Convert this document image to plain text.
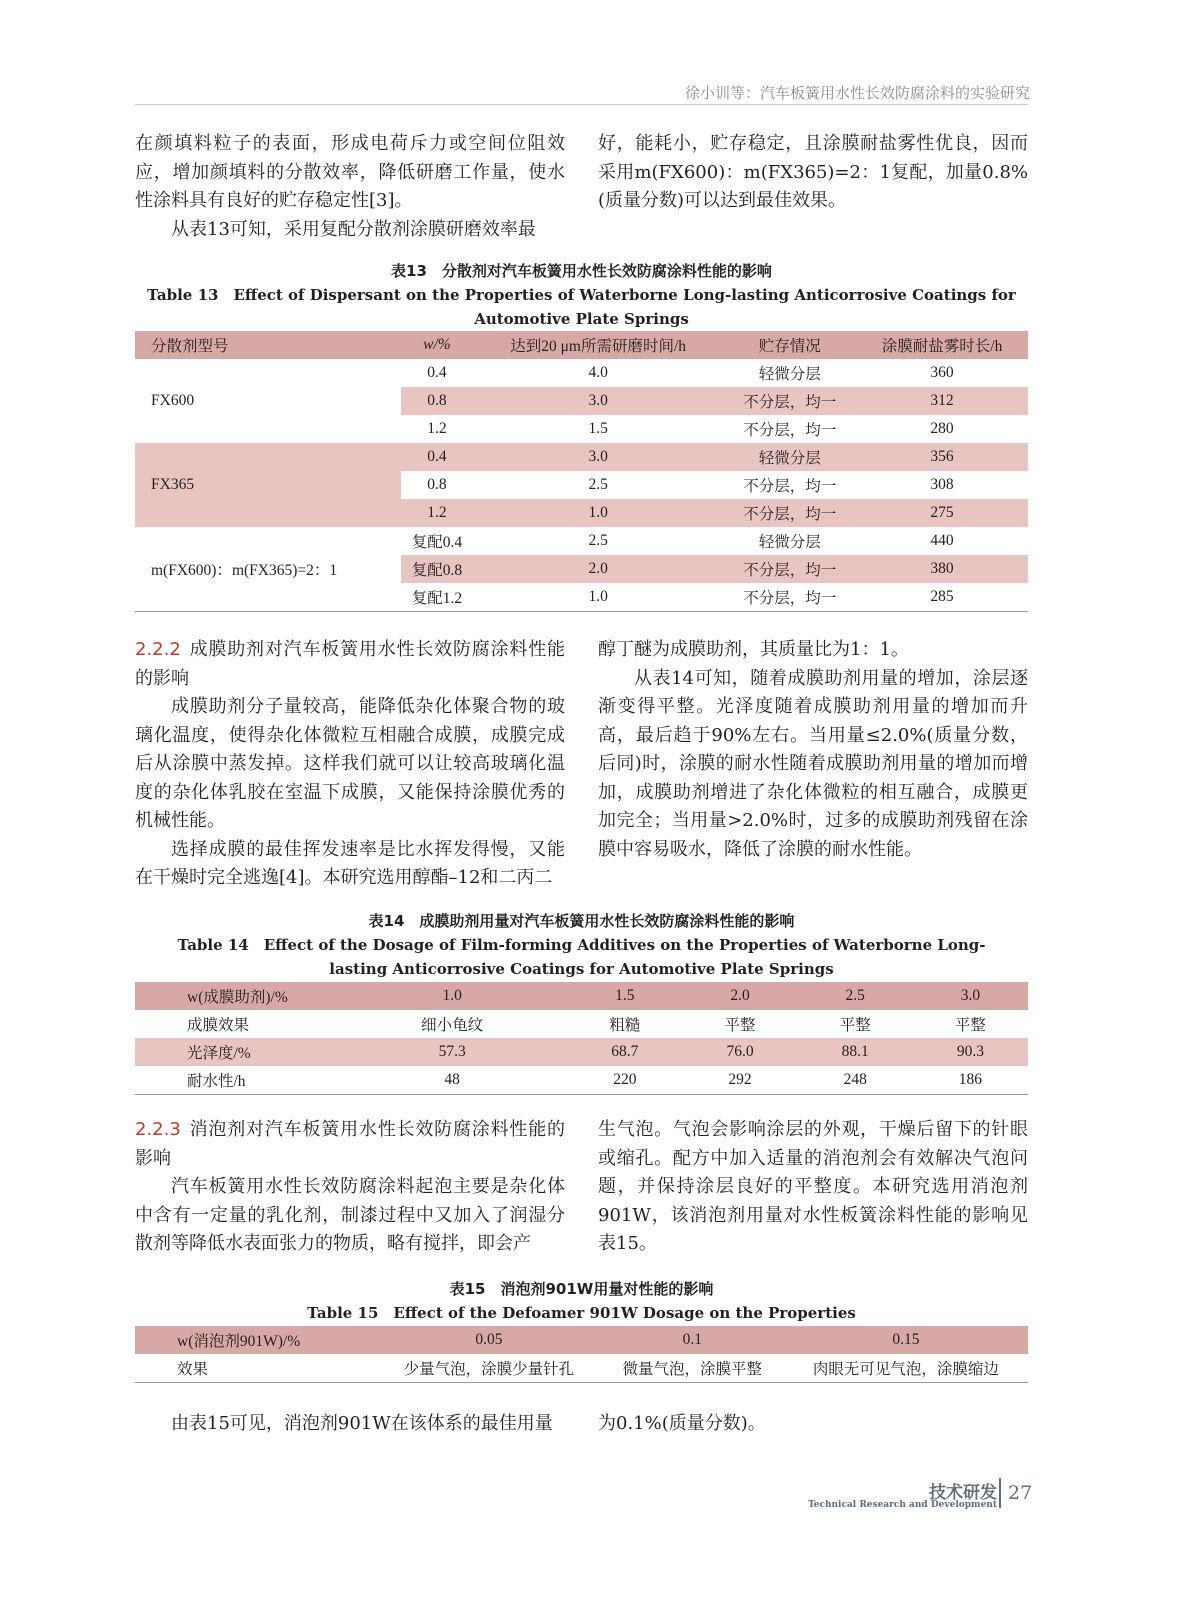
徐小训等：汽车板簧用水性长效防腐涂料的实验研究

在颜填料粒子的表面，形成电荷斥力或空间位阻效应，增加颜填料的分散效率，降低研磨工作量，使水性涂料具有良好的贮存稳定性[3]。

从表13可知，采用复配分散剂涂膜研磨效率最

好，能耗小，贮存稳定，且涂膜耐盐雾性优良，因而采用m(FX600)：m(FX365)=2：1复配，加量0.8%(质量分数)可以达到最佳效果。

表13　分散剂对汽车板簧用水性长效防腐涂料性能的影响
Table 13　Effect of Dispersant on the Properties of Waterborne Long-lasting Anticorrosive Coatings for Automotive Plate Springs
分散剂型号	w/%	达到20 μm所需研磨时间/h	贮存情况	涂膜耐盐雾时长/h
FX600	0.4	4.0	轻微分层	360
	0.8	3.0	不分层，均一	312
	1.2	1.5	不分层，均一	280
FX365	0.4	3.0	轻微分层	356
	0.8	2.5	不分层，均一	308
	1.2	1.0	不分层，均一	275
m(FX600)：m(FX365)=2：1	复配0.4	2.5	轻微分层	440
	复配0.8	2.0	不分层，均一	380
	复配1.2	1.0	不分层，均一	285

2.2.2 成膜助剂对汽车板簧用水性长效防腐涂料性能的影响

成膜助剂分子量较高，能降低杂化体聚合物的玻璃化温度，使得杂化体微粒互相融合成膜，成膜完成后从涂膜中蒸发掉。这样我们就可以让较高玻璃化温度的杂化体乳胶在室温下成膜，又能保持涂膜优秀的机械性能。

选择成膜的最佳挥发速率是比水挥发得慢，又能在干燥时完全逃逸[4]。本研究选用醇酯–12和二丙二

醇丁醚为成膜助剂，其质量比为1：1。

从表14可知，随着成膜助剂用量的增加，涂层逐渐变得平整。光泽度随着成膜助剂用量的增加而升高，最后趋于90%左右。当用量≤2.0%(质量分数，后同)时，涂膜的耐水性随着成膜助剂用量的增加而增加，成膜助剂增进了杂化体微粒的相互融合，成膜更加完全；当用量>2.0%时，过多的成膜助剂残留在涂膜中容易吸水，降低了涂膜的耐水性能。

表14　成膜助剂用量对汽车板簧用水性长效防腐涂料性能的影响
Table 14　Effect of the Dosage of Film-forming Additives on the Properties of Waterborne Long-lasting Anticorrosive Coatings for Automotive Plate Springs
w(成膜助剂)/%	1.0	1.5	2.0	2.5	3.0
成膜效果	细小龟纹	粗糙	平整	平整	平整
光泽度/%	57.3	68.7	76.0	88.1	90.3
耐水性/h	48	220	292	248	186

2.2.3 消泡剂对汽车板簧用水性长效防腐涂料性能的影响

汽车板簧用水性长效防腐涂料起泡主要是杂化体中含有一定量的乳化剂，制漆过程中又加入了润湿分散剂等降低水表面张力的物质，略有搅拌，即会产

生气泡。气泡会影响涂层的外观，干燥后留下的针眼或缩孔。配方中加入适量的消泡剂会有效解决气泡问题，并保持涂层良好的平整度。本研究选用消泡剂901W，该消泡剂用量对水性板簧涂料性能的影响见表15。

表15　消泡剂901W用量对性能的影响
Table 15　Effect of the Defoamer 901W Dosage on the Properties
w(消泡剂901W)/%	0.05	0.1	0.15
效果	少量气泡，涂膜少量针孔	微量气泡，涂膜平整	肉眼无可见气泡，涂膜缩边

由表15可见，消泡剂901W在该体系的最佳用量	为0.1%(质量分数)。

技术研发
Technical Research and Development
27
